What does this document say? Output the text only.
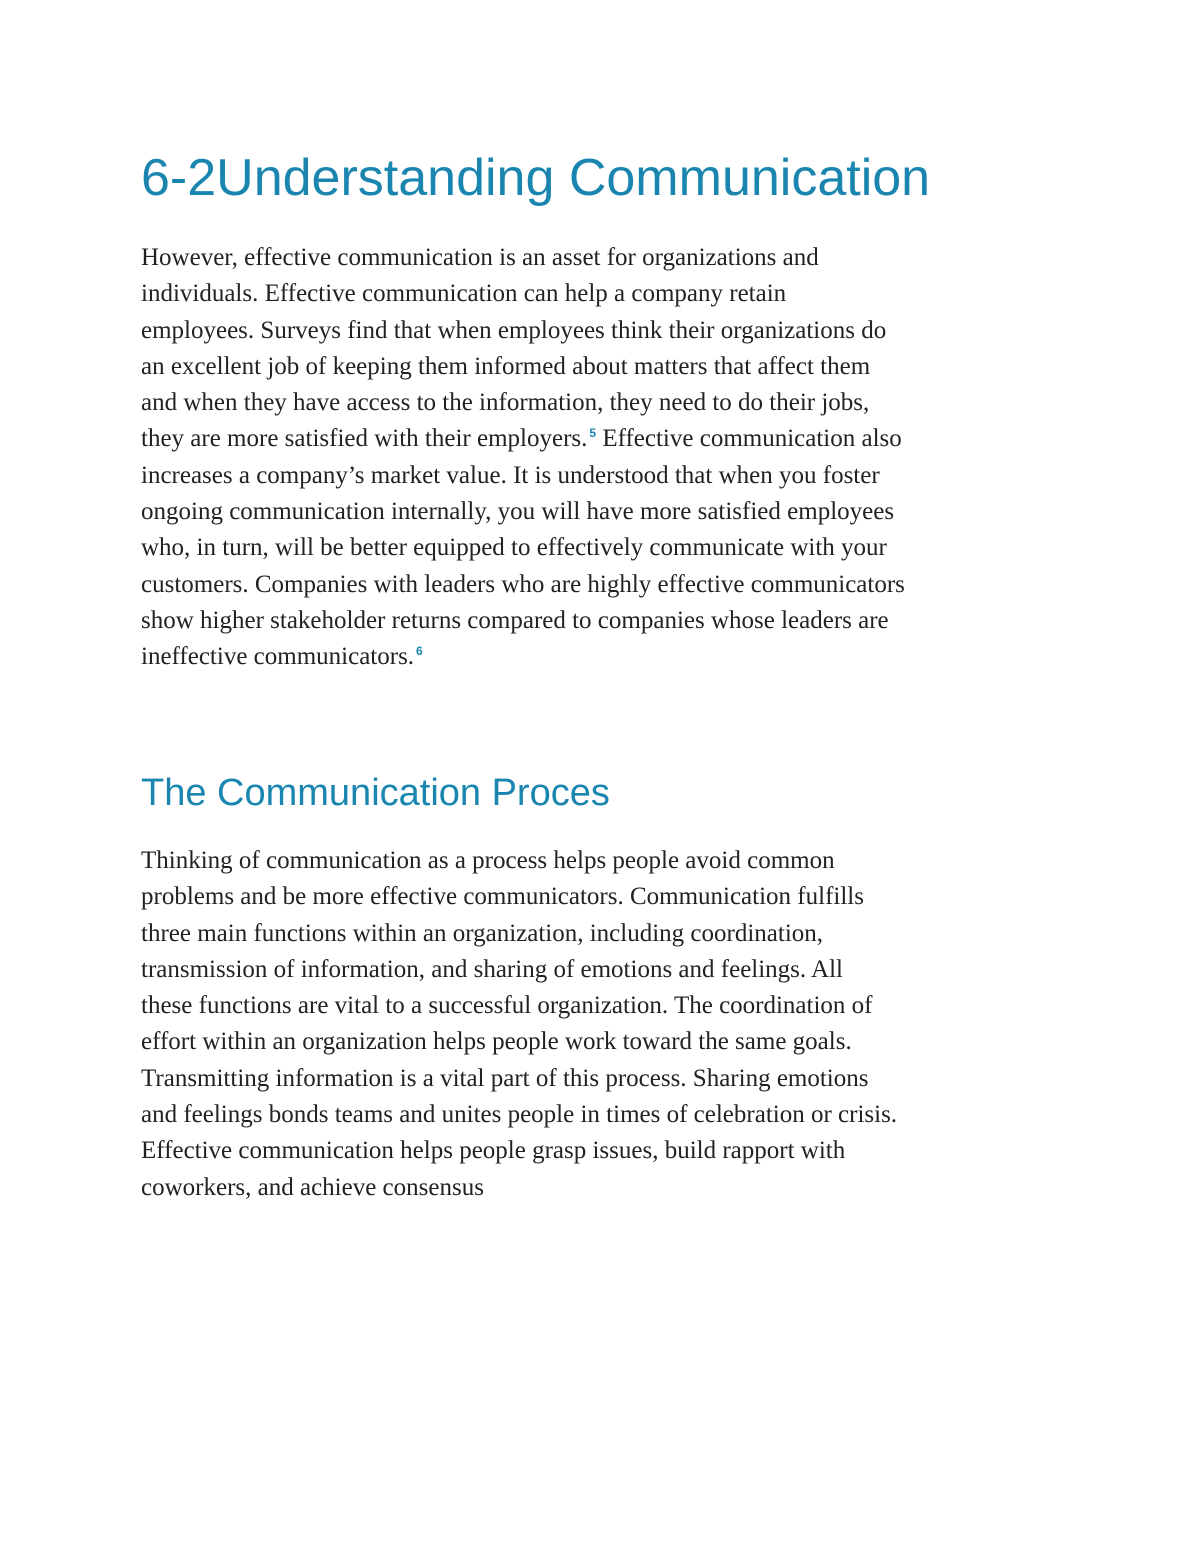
6-2Understanding Communication
However, effective communication is an asset for organizations and
individuals. Effective communication can help a company retain
employees. Surveys find that when employees think their organizations do
an excellent job of keeping them informed about matters that affect them
and when they have access to the information, they need to do their jobs,
they are more satisfied with their employers. $^5$ Effective communication also
increases a company’s market value. It is understood that when you foster
ongoing communication internally, you will have more satisfied employees
who, in turn, will be better equipped to effectively communicate with your
customers. Companies with leaders who are highly effective communicators
show higher stakeholder returns compared to companies whose leaders are
ineffective communicators. $^6$
The Communication Proces
Thinking of communication as a process helps people avoid common
problems and be more effective communicators. Communication fulfills
three main functions within an organization, including coordination,
transmission of information, and sharing of emotions and feelings. All
these functions are vital to a successful organization. The coordination of
effort within an organization helps people work toward the same goals.
Transmitting information is a vital part of this process. Sharing emotions
and feelings bonds teams and unites people in times of celebration or crisis.
Effective communication helps people grasp issues, build rapport with
coworkers, and achieve consensus
